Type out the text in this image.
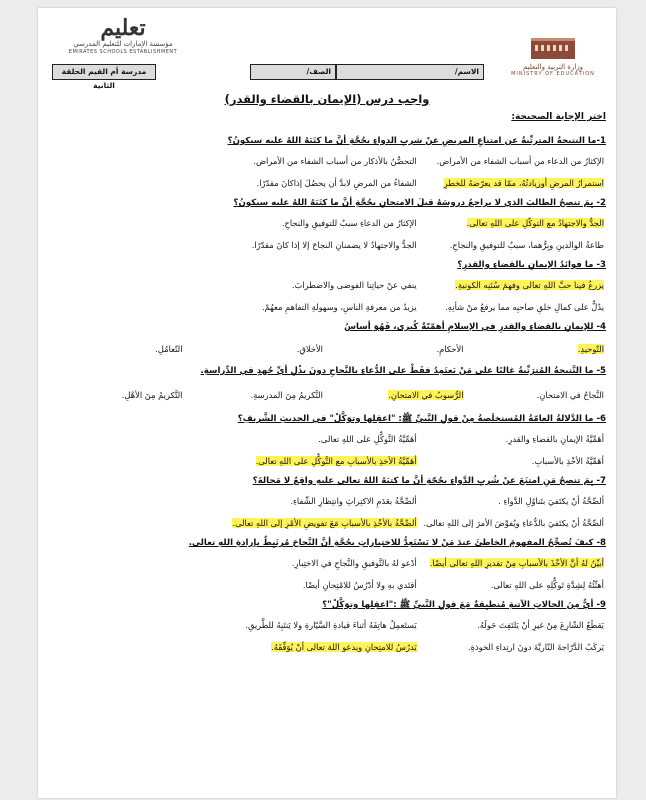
وزارة التربية والتعليم
MINISTRY OF EDUCATION
تعليم
مؤسسة الإمارات للتعليم المدرسي
EMIRATES SCHOOLS ESTABLISHMENT
الاسم/
الصف/
مدرسة أم القيم الحلقة الثانية
واجب درس (الإيمان بالقضاء والقدر)
اختر الإجابة الصحيحة:
1-ما النتيجةُ المترتِّبةُ عن امتناعِ المريضِ عنْ شربِ الدواءِ بحُجَّةِ أنَّ ما كتَبَهُ اللهُ عليه سيكونُ؟
الإكثارُ من الدعاء من أسباب الشفاء من الأمراض.
التحصُّنُ بالأذكار من أسباب الشفاء من الأمراض.
استمرارُ المرضِ أوزيادتُهُ، ممّا قد يعرّضهُ للخطرِ
الشفاءُ من المرضِ لابدَّ أن يحصُلَ إذاكانَ مقدّرًا.
2- بِمَ تنصحُ الطالبَ الذي لا يراجعُ دروسَهُ قبلَ الامتحانِ بحُجَّةِ أنَّ ما كتَبَهُ اللهُ عليه سيكونُ؟
الجدُّ والاجتهادُ مع التوكّلِ على اللهِ تعالى.
الإكثارُ من الدعاءِ سببٌ للتوفيقِ والنجاحِ.
طاعةُ الوالدينِ وبِرُّهما، سببٌ للتوفيقِ والنجاحِ.
الجدُّ والاجتهادُ لا يضمنانِ النجاحَ إلا إذا كانَ مقدّرًا.
3- ما فوائدُ الإيمانِ بالقضاءِ والقدرِ؟
يزرعُ فينا حبَّ اللهِ تعالى وفهمَ سُنَنِه الكونيةِ.
ينفي عنْ حياتِنا الفوضى والاضطرابَ.
يدُلُّ على كمالِ خلقِ صاحبِه مما يرفعُ منْ شأنِهِ.
يزيدُ من معرفةِ الناسِ، وسهولةِ التفاهمِ معهُمْ.
4- للإيمانِ بالقضاءِ والقدرِ في الإسلامِ أهمّيّةٌ كُبرى، فَهُوَ أساسُ
التّوحيدِ.
الأحكامِ.
الأخلاقِ.
التّعامُلِ.
5- ما النَّتيجةُ المُترَتِّبةُ غالبًا على مَنْ يَعتَمِدُ فقَطْ على الدُّعاءِ بالنَّجاحِ دونَ بذْلِ أيِّ جُهدٍ في الدِّراسةِ.
النَّجاحُ في الامتحانِ.
الرُّسوبُ في الامتحانِ.
التَّكريمُ مِنَ المدرسةِ.
التَّكريمُ مِنَ الأهْلِ.
6- ما الدَّلالةُ العامّةُ المُستخلَصةُ مِنْ قولِ النَّبيِّ ﷺ: "اعقِلها وتوَكَّلْ" في الحديثِ الشَّريفِ؟
أهَمِّيَّةُ الإيمانِ بالقضاءِ والقدرِ.
أهَمِّيَّةُ التَّوكُّلِ على اللهِ تعالى.
أهَمِّيَّةُ الأخْذِ بالأسبابِ.
أهَمِّيَّةُ الأخذِ بالأسبابِ مع التَّوكُّلِ على اللهِ تعالى.
7- بِمَ تنصحُ مَنِ امتنَعَ عنْ شُربِ الدَّواءِ بحُجّةِ أنَّ ما كتبَهُ اللهُ تعالى عليهِ واقِعٌ لا مَحالةَ؟
ألصِّحَّةُ أنْ يكتَفيَ بتَناوُلِ الدَّواءِ .
ألصِّحَّةُ بعَدَمِ الاكتِراثِ وانتِظارِ الشِّفاءِ.
ألصِّحَّةُ أنْ يكتَفيَ بالدُّعاءِ ويُفوِّضَ الأمرَ إلى اللهِ تعالى.
ألصِّحَّةُ بالأخْذِ بالأسبابِ مَعَ تفويضِ الأمْرِ إلى اللهِ تعالى.
8- كيفَ تُصحِّحُ المفهومَ الخاطئَ عندَ مَنْ لا يَسْتَعِدُّ للاختِباراتِ بحُجَّةِ أنَّ النَّجاحَ مُرتَبِطٌ بإرادةِ اللهِ تعالى.
أبيِّنُ لهُ أنَّ الأخْذَ بالأسبابِ مِنْ تقديرِ اللهِ تعالى أيضًا.
أدْعو لهُ بالتَّوفيقِ والنَّجاحِ في الاختِبارِ.
أهنِّئُهُ لِشِدَّةِ تَوكُّلِهِ على اللهِ تعالى.
أقتَدي بهِ ولا أدْرُسُ للامْتِحانِ أيضًا.
9- أيٌّ مِنَ الحالاتِ الآتيةِ مُنطبِقةٌ مَعَ قولِ النَّبيِّ ﷺ :"اعقِلها وتوَكَّلْ"؟
يَقطَعُ الشّارِعَ مِنْ غيرِ أنْ يَلتَفِتَ حَولَهُ.
يَستَعمِلُ هاتِفَهُ أثناءَ قيادةِ السَّيّارةِ ولا يَنتَبِهُ للطَّريقِ.
يَركَبُ الدَّرّاجةَ النّاريَّةَ دونَ ارتِداءِ الخوذةِ.
يَدرُسُ للامتِحانِ ويدعو اللهَ تعالى أنْ يُوَفِّقَهُ.
